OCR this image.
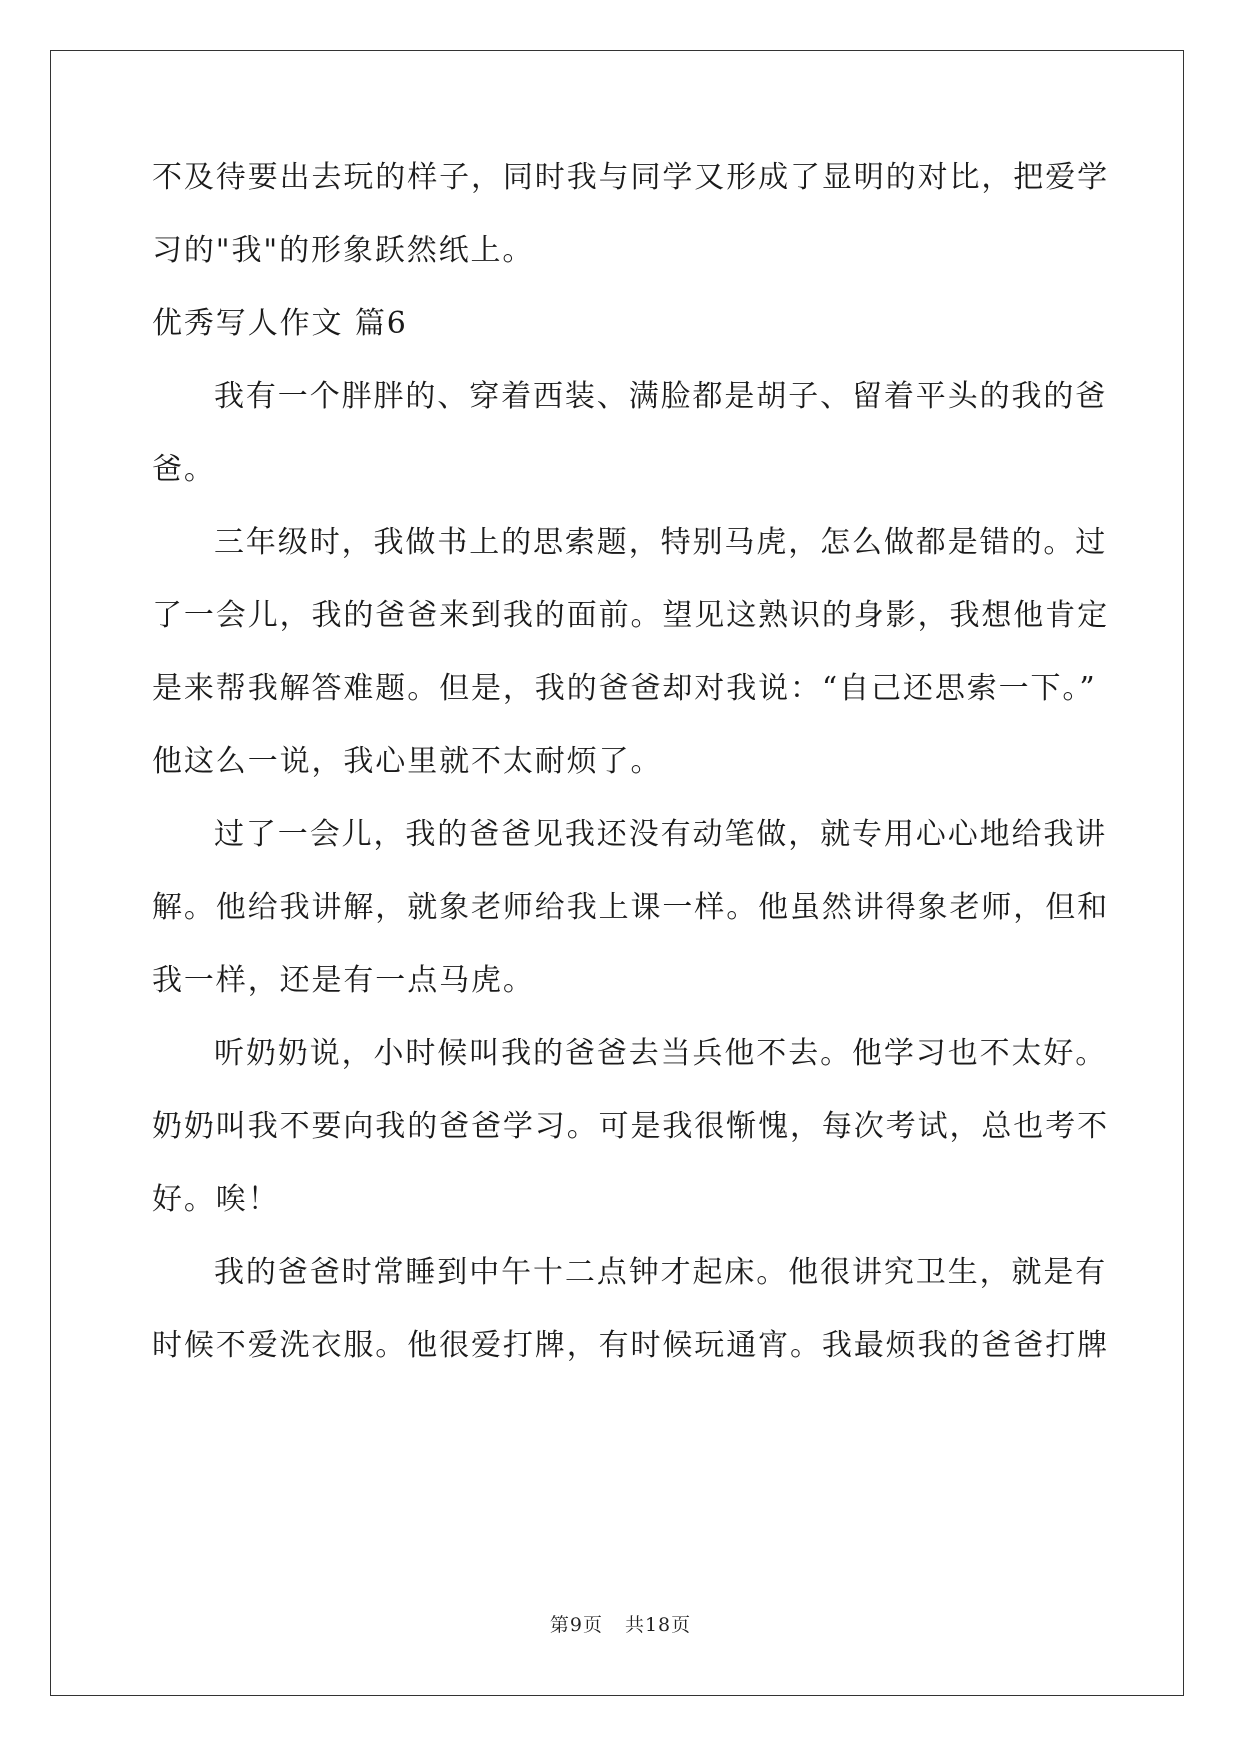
不及待要出去玩的样子，同时我与同学又形成了显明的对比，把爱学
习的"我"的形象跃然纸上。
优秀写人作文 篇6
我有一个胖胖的、穿着西装、满脸都是胡子、留着平头的我的爸
爸。
三年级时，我做书上的思索题，特别马虎，怎么做都是错的。过
了一会儿，我的爸爸来到我的面前。望见这熟识的身影，我想他肯定
是来帮我解答难题。但是，我的爸爸却对我说：“自己还思索一下。”
他这么一说，我心里就不太耐烦了。
过了一会儿，我的爸爸见我还没有动笔做，就专用心心地给我讲
解。他给我讲解，就象老师给我上课一样。他虽然讲得象老师，但和
我一样，还是有一点马虎。
听奶奶说，小时候叫我的爸爸去当兵他不去。他学习也不太好。
奶奶叫我不要向我的爸爸学习。可是我很惭愧，每次考试，总也考不
好。唉！
我的爸爸时常睡到中午十二点钟才起床。他很讲究卫生，就是有
时候不爱洗衣服。他很爱打牌，有时候玩通宵。我最烦我的爸爸打牌
第9页 共18页
